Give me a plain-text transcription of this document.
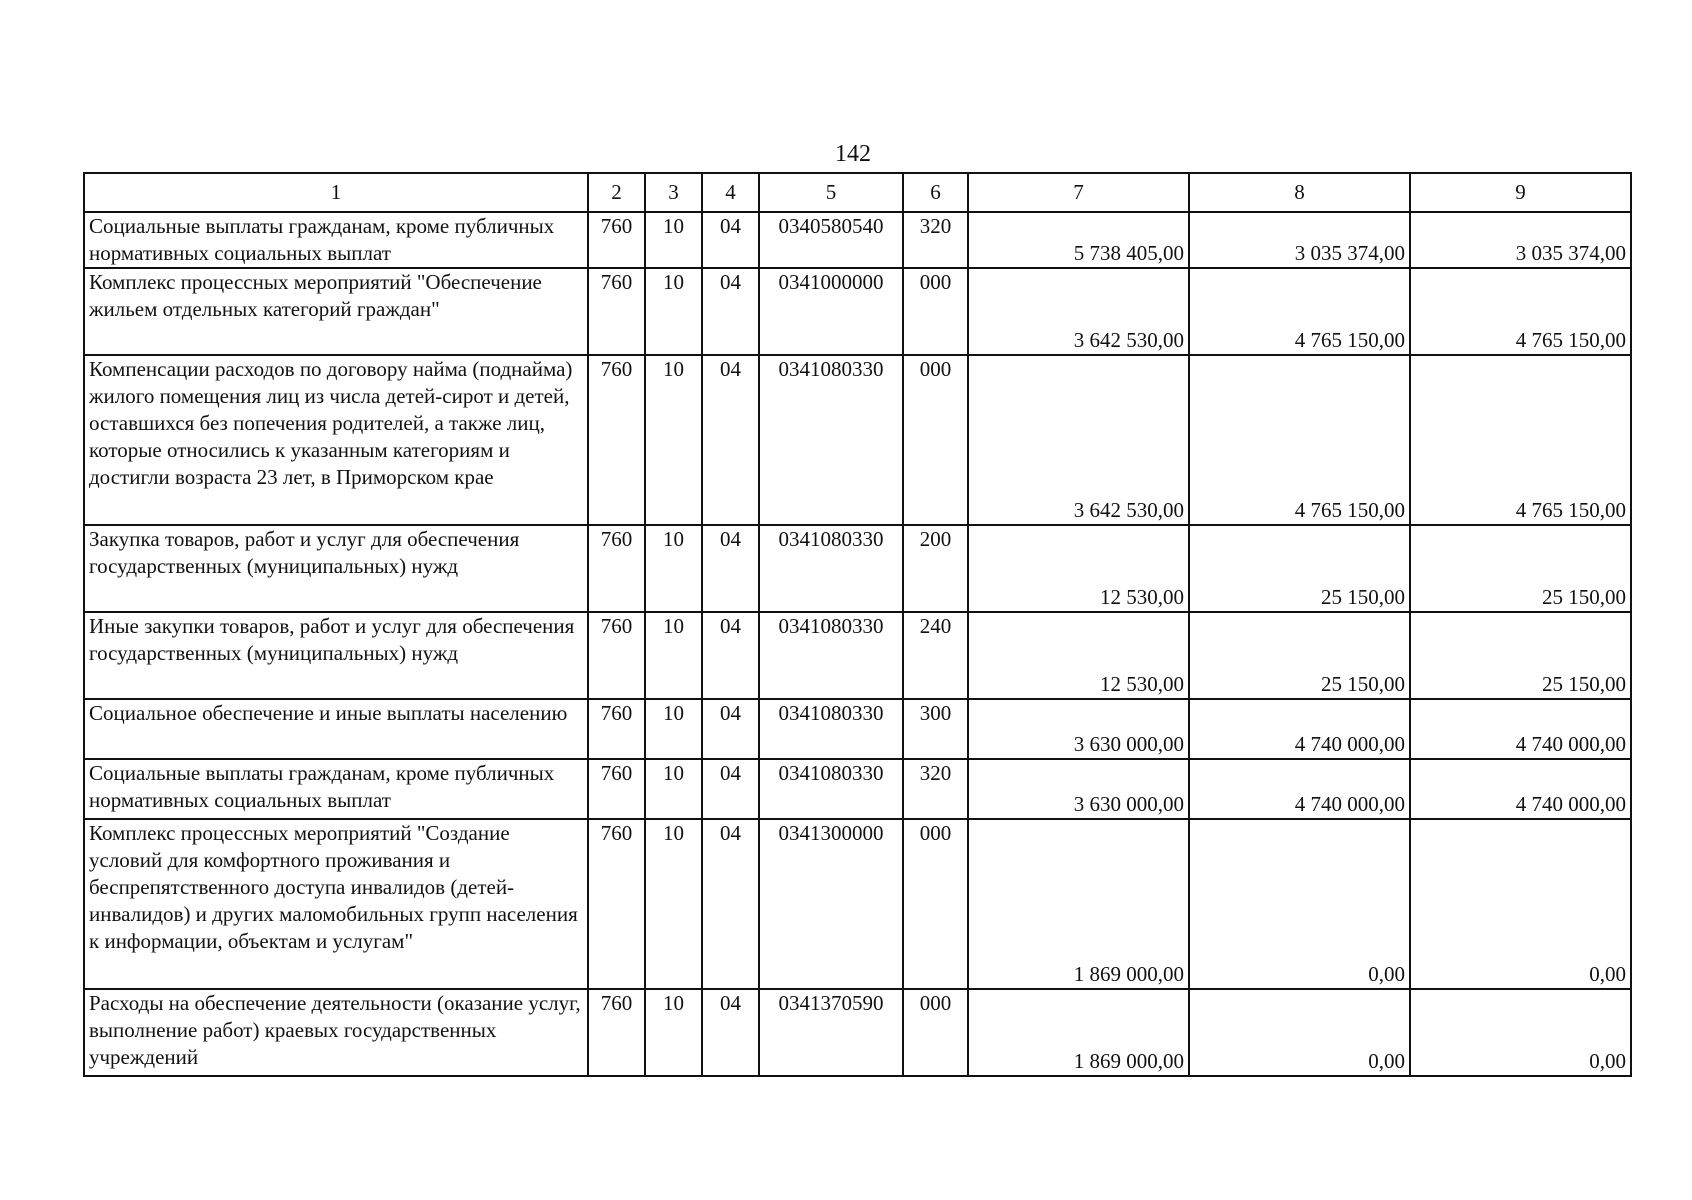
142
1	2	3	4	5	6	7	8	9
Социальные выплаты гражданам, кроме публичных нормативных социальных выплат	760	10	04	0340580540	320	5 738 405,00	3 035 374,00	3 035 374,00
Комплекс процессных мероприятий "Обеспечение жильем отдельных категорий граждан"	760	10	04	0341000000	000	3 642 530,00	4 765 150,00	4 765 150,00
Компенсации расходов по договору найма (поднайма) жилого помещения лиц из числа детей-сирот и детей, оставшихся без попечения родителей, а также лиц, которые относились к указанным категориям и достигли возраста 23 лет, в Приморском крае	760	10	04	0341080330	000	3 642 530,00	4 765 150,00	4 765 150,00
Закупка товаров, работ и услуг для обеспечения государственных (муниципальных) нужд	760	10	04	0341080330	200	12 530,00	25 150,00	25 150,00
Иные закупки товаров, работ и услуг для обеспечения государственных (муниципальных) нужд	760	10	04	0341080330	240	12 530,00	25 150,00	25 150,00
Социальное обеспечение и иные выплаты населению	760	10	04	0341080330	300	3 630 000,00	4 740 000,00	4 740 000,00
Социальные выплаты гражданам, кроме публичных нормативных социальных выплат	760	10	04	0341080330	320	3 630 000,00	4 740 000,00	4 740 000,00
Комплекс процессных мероприятий "Создание условий для комфортного проживания и беспрепятственного доступа инвалидов (детей-инвалидов) и других маломобильных групп населения к информации, объектам и услугам"	760	10	04	0341300000	000	1 869 000,00	0,00	0,00
Расходы на обеспечение деятельности (оказание услуг, выполнение работ) краевых государственных учреждений	760	10	04	0341370590	000	1 869 000,00	0,00	0,00
